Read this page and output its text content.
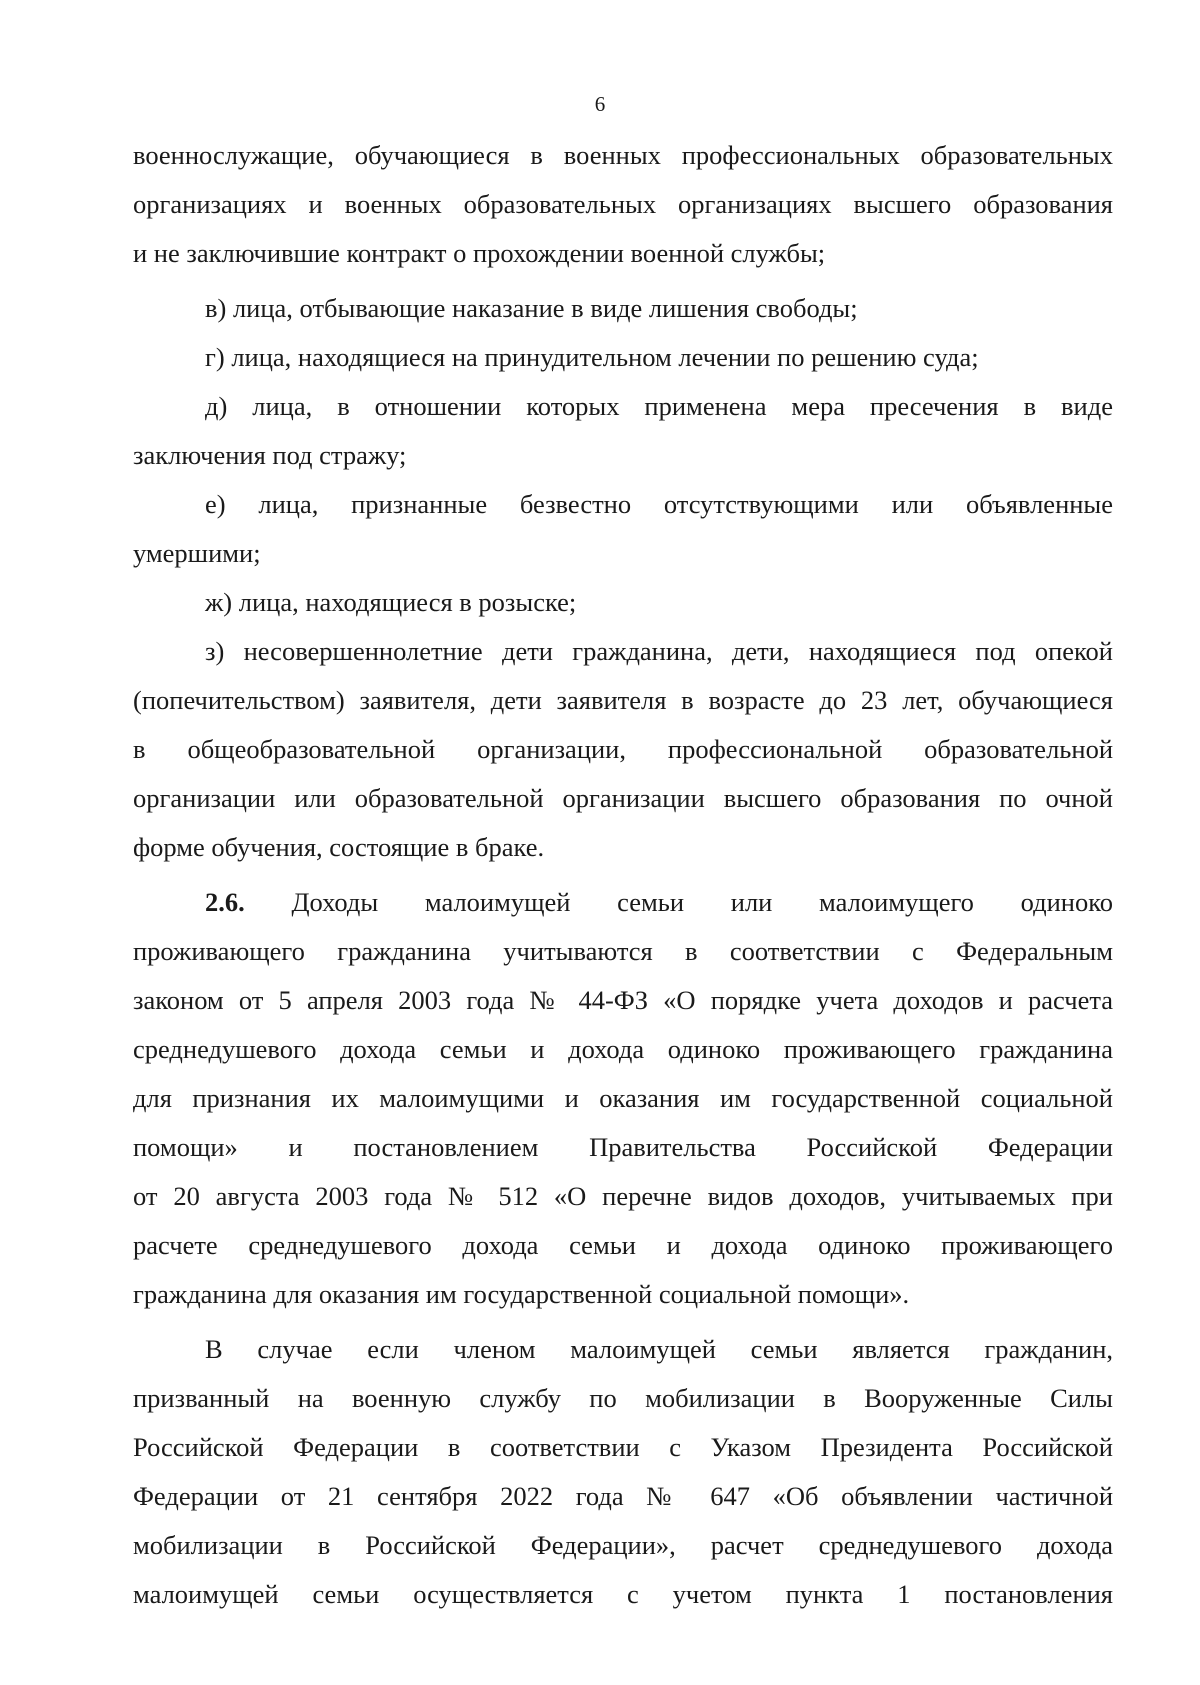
6
военнослужащие, обучающиеся в военных профессиональных образовательных
организациях и военных образовательных организациях высшего образования
и не заключившие контракт о прохождении военной службы;
в) лица, отбывающие наказание в виде лишения свободы;
г) лица, находящиеся на принудительном лечении по решению суда;
д) лица, в отношении которых применена мера пресечения в виде
заключения под стражу;
е) лица, признанные безвестно отсутствующими или объявленные
умершими;
ж) лица, находящиеся в розыске;
з) несовершеннолетние дети гражданина, дети, находящиеся под опекой
(попечительством) заявителя, дети заявителя в возрасте до 23 лет, обучающиеся
в общеобразовательной организации, профессиональной образовательной
организации или образовательной организации высшего образования по очной
форме обучения, состоящие в браке.
2.6. Доходы малоимущей семьи или малоимущего одиноко
проживающего гражданина учитываются в соответствии с Федеральным
законом от 5 апреля 2003 года № 44-ФЗ «О порядке учета доходов и расчета
среднедушевого дохода семьи и дохода одиноко проживающего гражданина
для признания их малоимущими и оказания им государственной социальной
помощи» и постановлением Правительства Российской Федерации
от 20 августа 2003 года № 512 «О перечне видов доходов, учитываемых при
расчете среднедушевого дохода семьи и дохода одиноко проживающего
гражданина для оказания им государственной социальной помощи».
В случае если членом малоимущей семьи является гражданин,
призванный на военную службу по мобилизации в Вооруженные Силы
Российской Федерации в соответствии с Указом Президента Российской
Федерации от 21 сентября 2022 года № 647 «Об объявлении частичной
мобилизации в Российской Федерации», расчет среднедушевого дохода
малоимущей семьи осуществляется с учетом пункта 1 постановления
